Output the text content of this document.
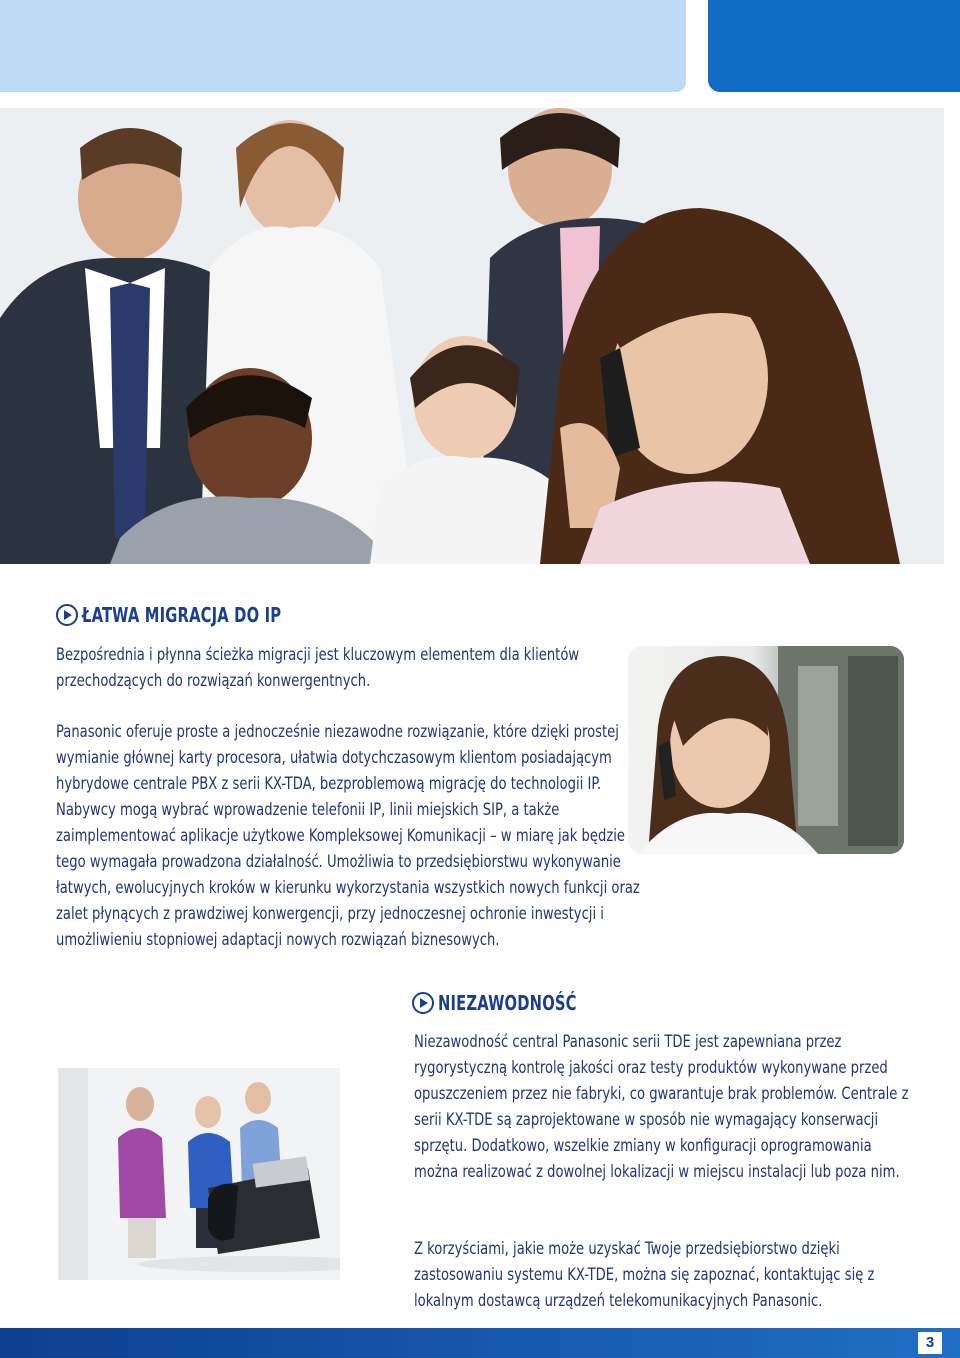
ŁATWA MIGRACJA DO IP

Bezpośrednia i płynna ścieżka migracji jest kluczowym elementem dla klientów przechodzących do rozwiązań konwergentnych.

Panasonic oferuje proste a jednocześnie niezawodne rozwiązanie, które dzięki prostej wymianie głównej karty procesora, ułatwia dotychczasowym klientom posiadającym hybrydowe centrale PBX z serii KX-TDA, bezproblemową migrację do technologii IP. Nabywcy mogą wybrać wprowadzenie telefonii IP, linii miejskich SIP, a także zaimplementować aplikacje użytkowe Kompleksowej Komunikacji – w miarę jak będzie tego wymagała prowadzona działalność. Umożliwia to przedsiębiorstwu wykonywanie łatwych, ewolucyjnych kroków w kierunku wykorzystania wszystkich nowych funkcji oraz zalet płynących z prawdziwej konwergencji, przy jednoczesnej ochronie inwestycji i umożliwieniu stopniowej adaptacji nowych rozwiązań biznesowych.

NIEZAWODNOŚĆ

Niezawodność central Panasonic serii TDE jest zapewniana przez rygorystyczną kontrolę jakości oraz testy produktów wykonywane przed opuszczeniem przez nie fabryki, co gwarantuje brak problemów. Centrale z serii KX-TDE są zaprojektowane w sposób nie wymagający konserwacji sprzętu. Dodatkowo, wszelkie zmiany w konfiguracji oprogramowania można realizować z dowolnej lokalizacji w miejscu instalacji lub poza nim.

Z korzyściami, jakie może uzyskać Twoje przedsiębiorstwo dzięki zastosowaniu systemu KX-TDE, można się zapoznać, kontaktując się z lokalnym dostawcą urządzeń telekomunikacyjnych Panasonic.

3
